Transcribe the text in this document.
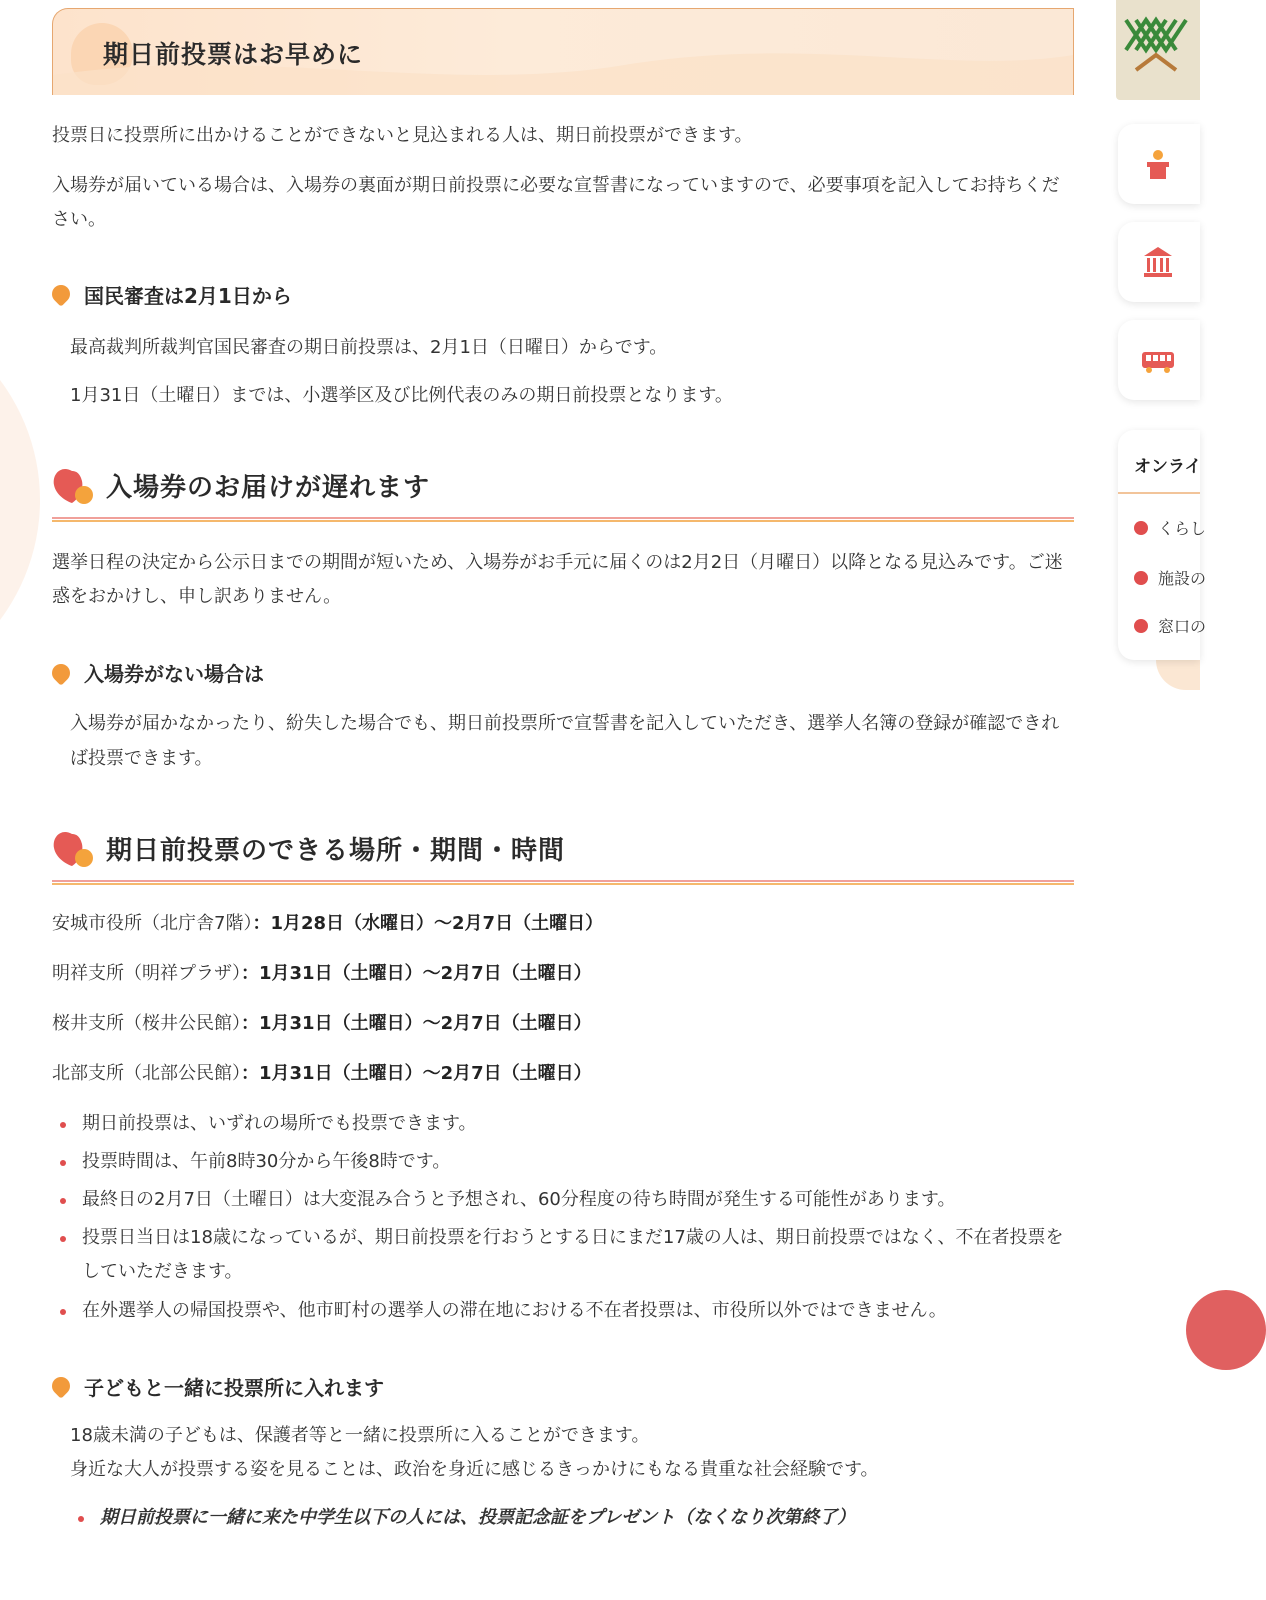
期日前投票はお早めに

投票日に投票所に出かけることができないと見込まれる人は、期日前投票ができます。

入場券が届いている場合は、入場券の裏面が期日前投票に必要な宣誓書になっていますので、必要事項を記入してお持ちください。

国民審査は2月1日から

最高裁判所裁判官国民審査の期日前投票は、2月1日（日曜日）からです。

1月31日（土曜日）までは、小選挙区及び比例代表のみの期日前投票となります。

入場券のお届けが遅れます

選挙日程の決定から公示日までの期間が短いため、入場券がお手元に届くのは2月2日（月曜日）以降となる見込みです。ご迷惑をおかけし、申し訳ありません。

入場券がない場合は

入場券が届かなかったり、紛失した場合でも、期日前投票所で宣誓書を記入していただき、選挙人名簿の登録が確認できれば投票できます。

期日前投票のできる場所・期間・時間
安城市役所（北庁舎7階）：1月28日（水曜日）～2月7日（土曜日）
明祥支所（明祥プラザ）：1月31日（土曜日）～2月7日（土曜日）
桜井支所（桜井公民館）：1月31日（土曜日）～2月7日（土曜日）
北部支所（北部公民館）：1月31日（土曜日）～2月7日（土曜日）
期日前投票は、いずれの場所でも投票できます。
投票時間は、午前8時30分から午後8時です。
最終日の2月7日（土曜日）は大変混み合うと予想され、60分程度の待ち時間が発生する可能性があります。
投票日当日は18歳になっているが、期日前投票を行おうとする日にまだ17歳の人は、期日前投票ではなく、不在者投票をしていただきます。
在外選挙人の帰国投票や、他市町村の選挙人の滞在地における不在者投票は、市役所以外ではできません。
子どもと一緒に投票所に入れます

18歳未満の子どもは、保護者等と一緒に投票所に入ることができます。

身近な大人が投票する姿を見ることは、政治を身近に感じるきっかけにもなる貴重な社会経験です。

期日前投票に一緒に来た中学生以下の人には、投票記念証をプレゼント（なくなり次第終了）
オンライ
くらし
施設の
窓口の
